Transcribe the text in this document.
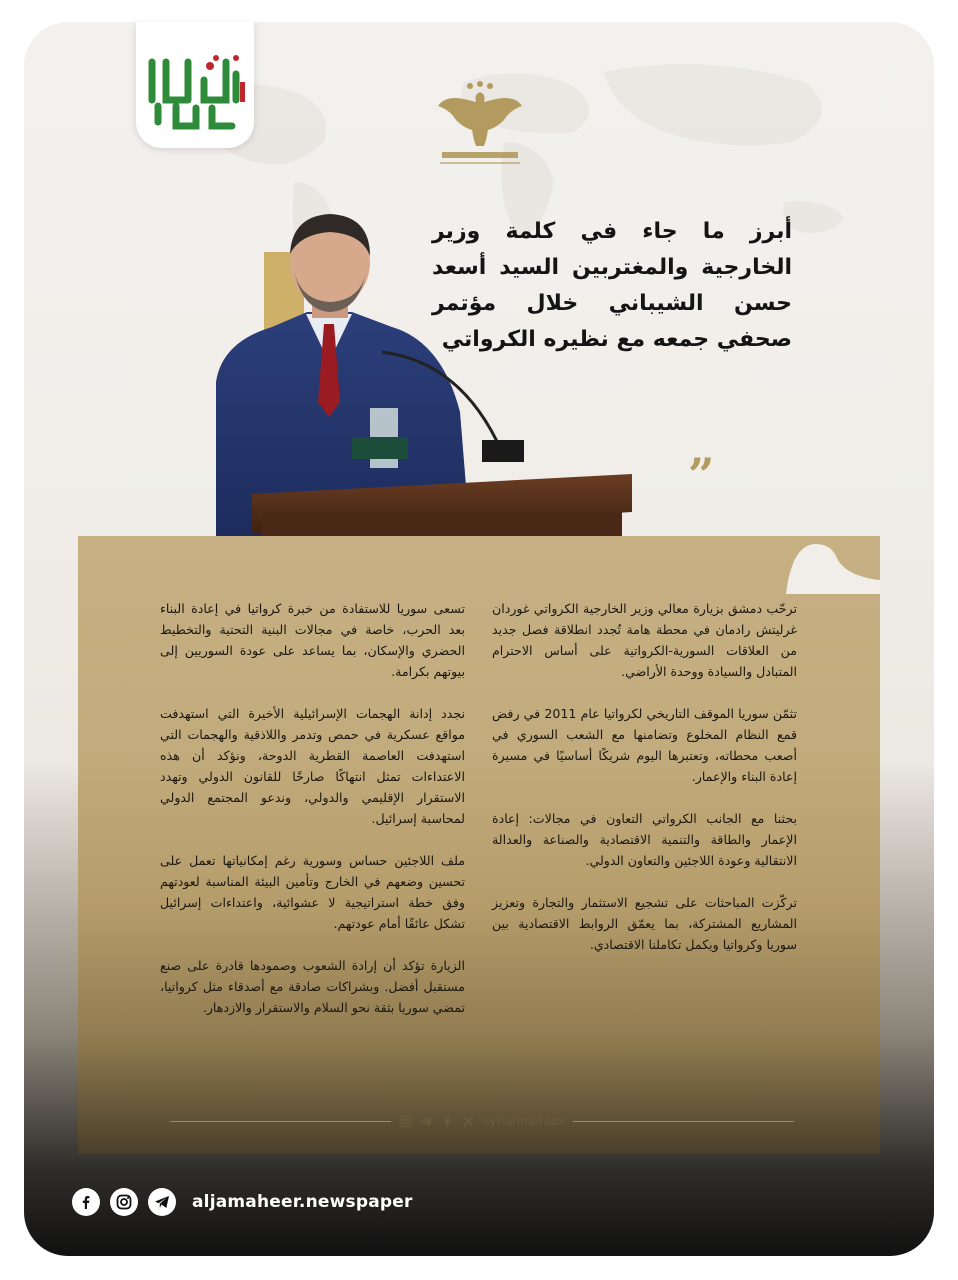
أبرز ما جاء في كلمة وزير الخارجية والمغتربين السيد أسعد حسن الشيباني خلال مؤتمر صحفي جمعه مع نظيره الكرواتي
”

ترحّب دمشق بزيارة معالي وزير الخارجية الكرواتي غوردان غرليتش رادمان في محطة هامة تُجدد انطلاقة فصل جديد من العلاقات السورية-الكرواتية على أساس الاحترام المتبادل والسيادة ووحدة الأراضي.

تثمّن سوريا الموقف التاريخي لكرواتيا عام 2011 في رفض قمع النظام المخلوع وتضامنها مع الشعب السوري في أصعب محطاته، وتعتبرها اليوم شريكًا أساسيًا في مسيرة إعادة البناء والإعمار.

بحثنا مع الجانب الكرواتي التعاون في مجالات: إعادة الإعمار والطاقة والتنمية الاقتصادية والصناعة والعدالة الانتقالية وعودة اللاجئين والتعاون الدولي.

تركّزت المباحثات على تشجيع الاستثمار والتجارة وتعزيز المشاريع المشتركة، بما يعمّق الروابط الاقتصادية بين سوريا وكرواتيا ويكمل تكاملنا الاقتصادي.

تسعى سوريا للاستفادة من خبرة كرواتيا في إعادة البناء بعد الحرب، خاصة في مجالات البنية التحتية والتخطيط الحضري والإسكان، بما يساعد على عودة السوريين إلى بيوتهم بكرامة.

نجدد إدانة الهجمات الإسرائيلية الأخيرة التي استهدفت مواقع عسكرية في حمص وتدمر واللاذقية والهجمات التي استهدفت العاصمة القطرية الدوحة، ونؤكد أن هذه الاعتداءات تمثل انتهاكًا صارخًا للقانون الدولي وتهدد الاستقرار الإقليمي والدولي، وندعو المجتمع الدولي لمحاسبة إسرائيل.

ملف اللاجئين حساس وسورية رغم إمكانياتها تعمل على تحسين وضعهم في الخارج وتأمين البيئة المناسبة لعودتهم وفق خطة استراتيجية لا عشوائية، واعتداءات إسرائيل تشكل عائقًا أمام عودتهم.

الزيارة تؤكد أن إرادة الشعوب وصمودها قادرة على صنع مستقبل أفضل. وبشراكات صادقة مع أصدقاء مثل كرواتيا، تمضي سوريا بثقة نحو السلام والاستقرار والازدهار.

syrianmofaex
aljamaheer.newspaper
